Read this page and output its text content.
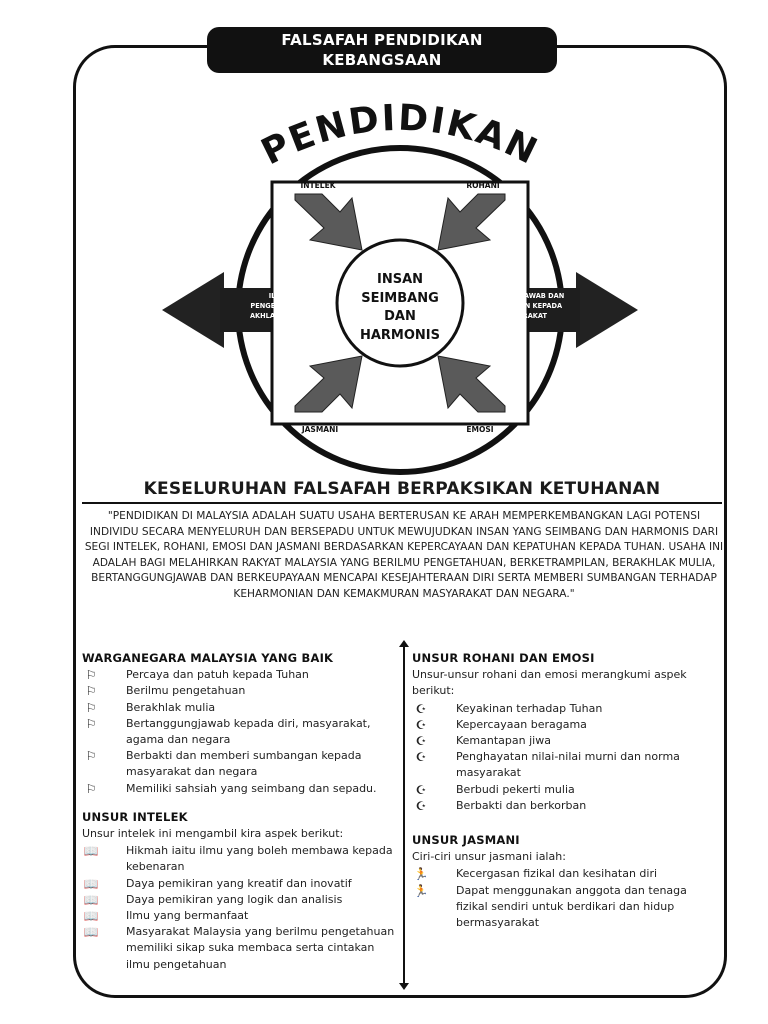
FALSAFAH PENDIDIKAN
KEBANGSAAN
PENDIDIKAN
INSAN
SEIMBANG
DAN
HARMONIS
INTELEK	ROHANI
JASMANI	EMOSI
ILMU
PENGETAHUAN
AKHLAK MULIA
TANGGUNGJAWAB DAN
SUMBANGAN KEPADA
MASYARAKAT
KESELURUHAN FALSAFAH BERPAKSIKAN KETUHANAN
"PENDIDIKAN DI MALAYSIA ADALAH SUATU USAHA BERTERUSAN KE ARAH MEMPERKEMBANGKAN LAGI POTENSI INDIVIDU SECARA MENYELURUH DAN BERSEPADU UNTUK MEWUJUDKAN INSAN YANG SEIMBANG DAN HARMONIS DARI SEGI INTELEK, ROHANI, EMOSI DAN JASMANI BERDASARKAN KEPERCAYAAN DAN KEPATUHAN KEPADA TUHAN. USAHA INI ADALAH BAGI MELAHIRKAN RAKYAT MALAYSIA YANG BERILMU PENGETAHUAN, BERKETRAMPILAN, BERAKHLAK MULIA, BERTANGGUNGJAWAB DAN BERKEUPAYAAN MENCAPAI KESEJAHTERAAN DIRI SERTA MEMBERI SUMBANGAN TERHADAP KEHARMONIAN DAN KEMAKMURAN MASYARAKAT DAN NEGARA."
WARGANEGARA MALAYSIA YANG BAIK
⚐	Percaya dan patuh kepada Tuhan
⚐	Berilmu pengetahuan
⚐	Berakhlak mulia
⚐	Bertanggungjawab kepada diri, masyarakat, agama dan negara
⚐	Berbakti dan memberi sumbangan kepada masyarakat dan negara
⚐	Memiliki sahsiah yang seimbang dan sepadu.
UNSUR INTELEK
Unsur intelek ini mengambil kira aspek berikut:
📖	Hikmah iaitu ilmu yang boleh membawa kepada kebenaran
📖	Daya pemikiran yang kreatif dan inovatif
📖	Daya pemikiran yang logik dan analisis
📖	Ilmu yang bermanfaat
📖	Masyarakat Malaysia yang berilmu pengetahuan memiliki sikap suka membaca serta cintakan ilmu pengetahuan
UNSUR ROHANI DAN EMOSI
Unsur-unsur rohani dan emosi merangkumi aspek berikut:
☪	Keyakinan terhadap Tuhan
☪	Kepercayaan beragama
☪	Kemantapan jiwa
☪	Penghayatan nilai-nilai murni dan norma masyarakat
☪	Berbudi pekerti mulia
☪	Berbakti dan berkorban
UNSUR JASMANI
Ciri-ciri unsur jasmani ialah:
🏃	Kecergasan fizikal dan kesihatan diri
🏃	Dapat menggunakan anggota dan tenaga fizikal sendiri untuk berdikari dan hidup bermasyarakat
